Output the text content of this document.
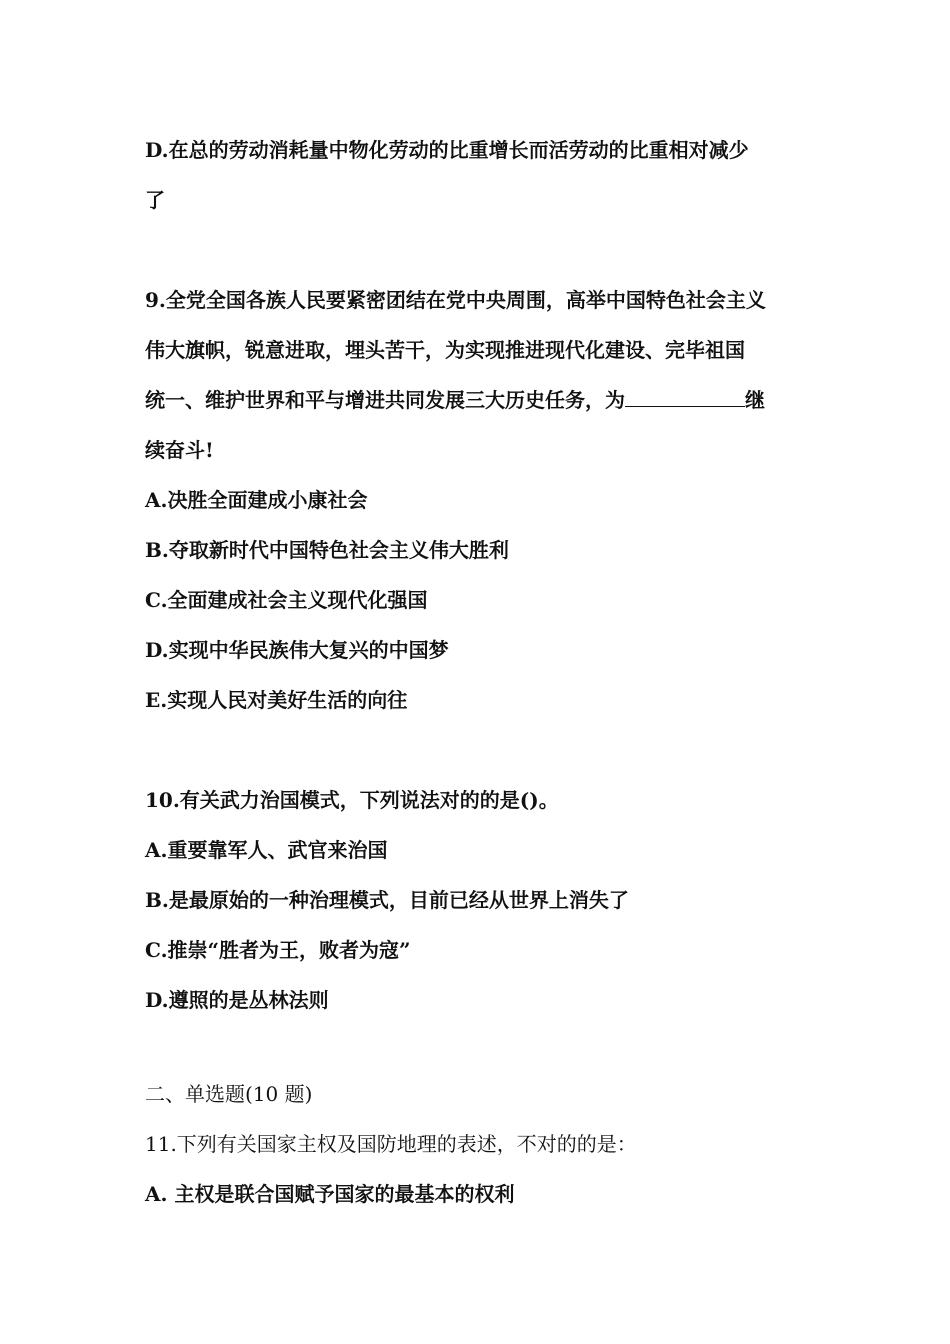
D.在总的劳动消耗量中物化劳动的比重增长而活劳动的比重相对减少
了
9.全党全国各族人民要紧密团结在党中央周围，高举中国特色社会主义
伟大旗帜，锐意进取，埋头苦干，为实现推进现代化建设、完毕祖国
统一、维护世界和平与增进共同发展三大历史任务，为	继
续奋斗!
A.决胜全面建成小康社会
B.夺取新时代中国特色社会主义伟大胜利
C.全面建成社会主义现代化强国
D.实现中华民族伟大复兴的中国梦
E.实现人民对美好生活的向往
10.有关武力治国模式，下列说法对的的是()。
A.重要靠军人、武官来治国
B.是最原始的一种治理模式，目前已经从世界上消失了
C.推崇“胜者为王，败者为寇”
D.遵照的是丛林法则
二、单选题(10 题)
11.下列有关国家主权及国防地理的表述，不对的的是：
A. 主权是联合国赋予国家的最基本的权利
